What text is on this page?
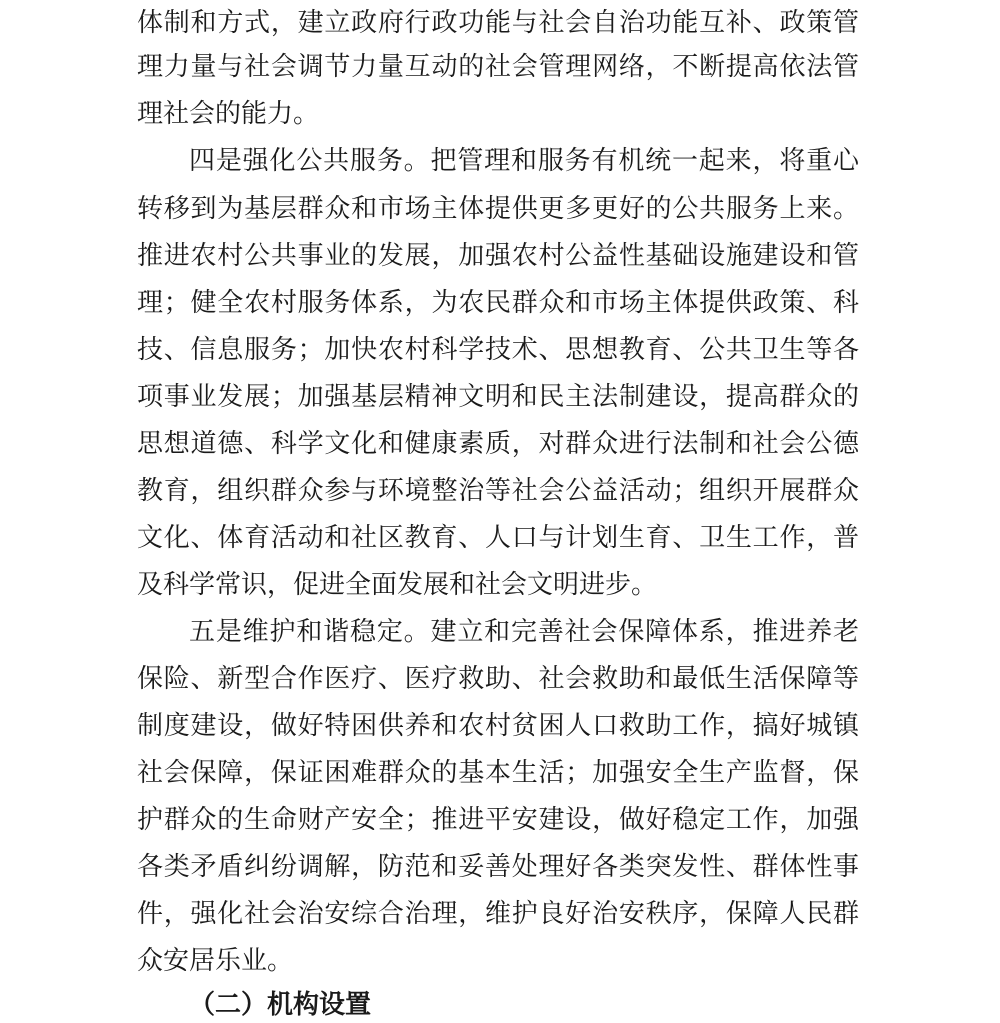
体制和方式，建立政府行政功能与社会自治功能互补、政策管
理力量与社会调节力量互动的社会管理网络，不断提高依法管
理社会的能力。
四是强化公共服务。把管理和服务有机统一起来，将重心
转移到为基层群众和市场主体提供更多更好的公共服务上来。
推进农村公共事业的发展，加强农村公益性基础设施建设和管
理；健全农村服务体系，为农民群众和市场主体提供政策、科
技、信息服务；加快农村科学技术、思想教育、公共卫生等各
项事业发展；加强基层精神文明和民主法制建设，提高群众的
思想道德、科学文化和健康素质，对群众进行法制和社会公德
教育，组织群众参与环境整治等社会公益活动；组织开展群众
文化、体育活动和社区教育、人口与计划生育、卫生工作，普
及科学常识，促进全面发展和社会文明进步。
五是维护和谐稳定。建立和完善社会保障体系，推进养老
保险、新型合作医疗、医疗救助、社会救助和最低生活保障等
制度建设，做好特困供养和农村贫困人口救助工作，搞好城镇
社会保障，保证困难群众的基本生活；加强安全生产监督，保
护群众的生命财产安全；推进平安建设，做好稳定工作，加强
各类矛盾纠纷调解，防范和妥善处理好各类突发性、群体性事
件，强化社会治安综合治理，维护良好治安秩序，保障人民群
众安居乐业。
（二）机构设置
